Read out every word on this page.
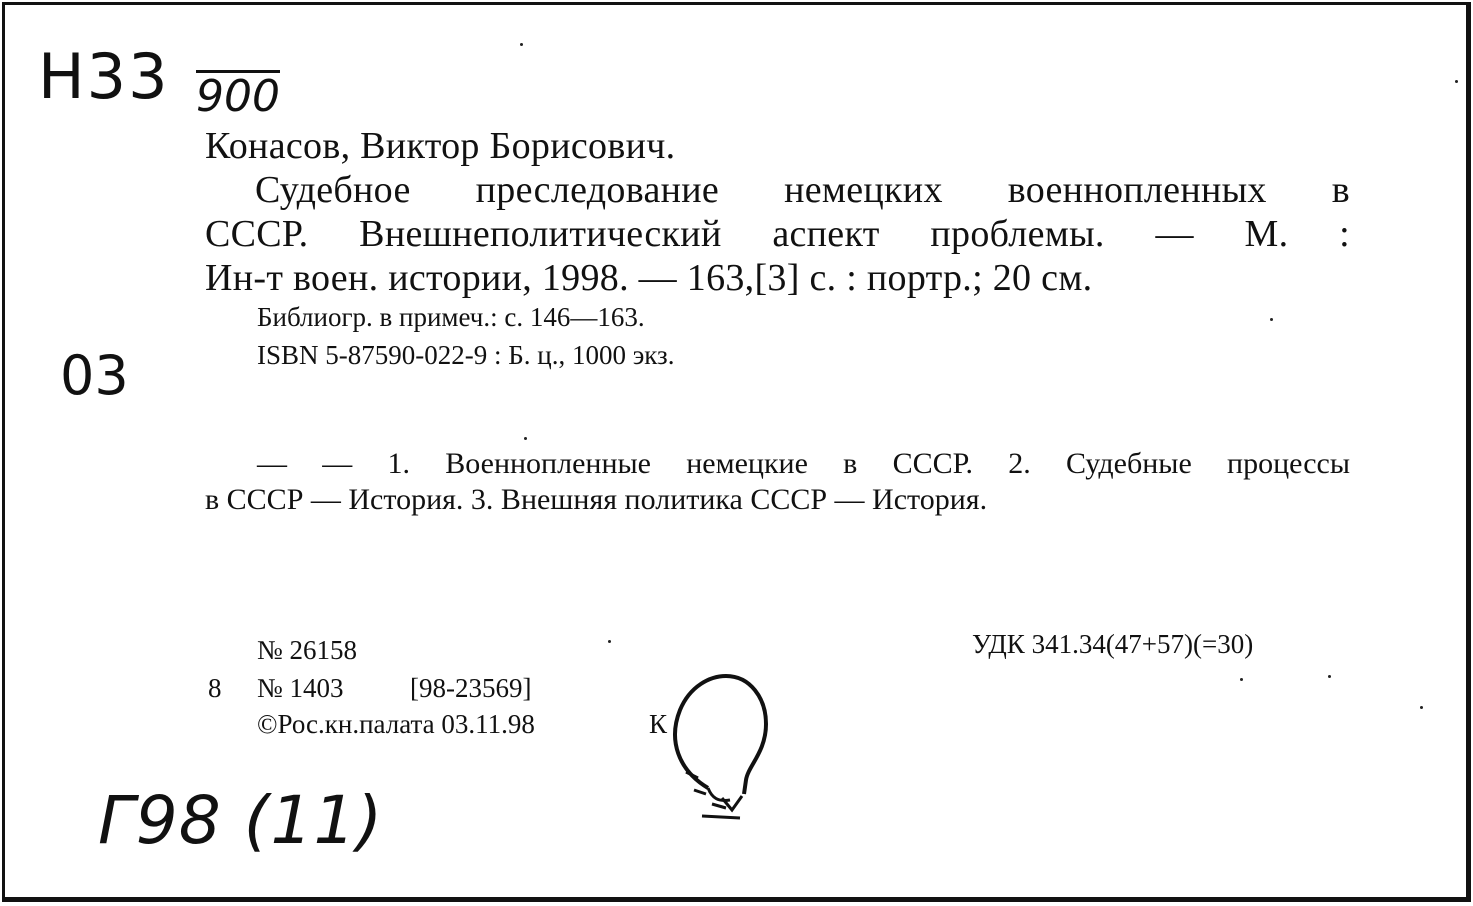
Н33 900
03
Г98 (11)
Конасов, Виктор Борисович.
Судебное преследование немецких военнопленных в
СССР. Внешнеполитический аспект проблемы. — М. :
Ин-т воен. истории, 1998. — 163,[3] с. : портр.; 20 см.
Библиогр. в примеч.: с. 146—163.
ISBN 5-87590-022-9 : Б. ц., 1000 экз.
— — 1. Военнопленные немецкие в СССР. 2. Судебные процессы
в СССР — История. 3. Внешняя политика СССР — История.
№ 26158	УДК 341.34(47+57)(=30)
8 № 1403 [98-23569]
©Рос.кн.палата 03.11.98	К
